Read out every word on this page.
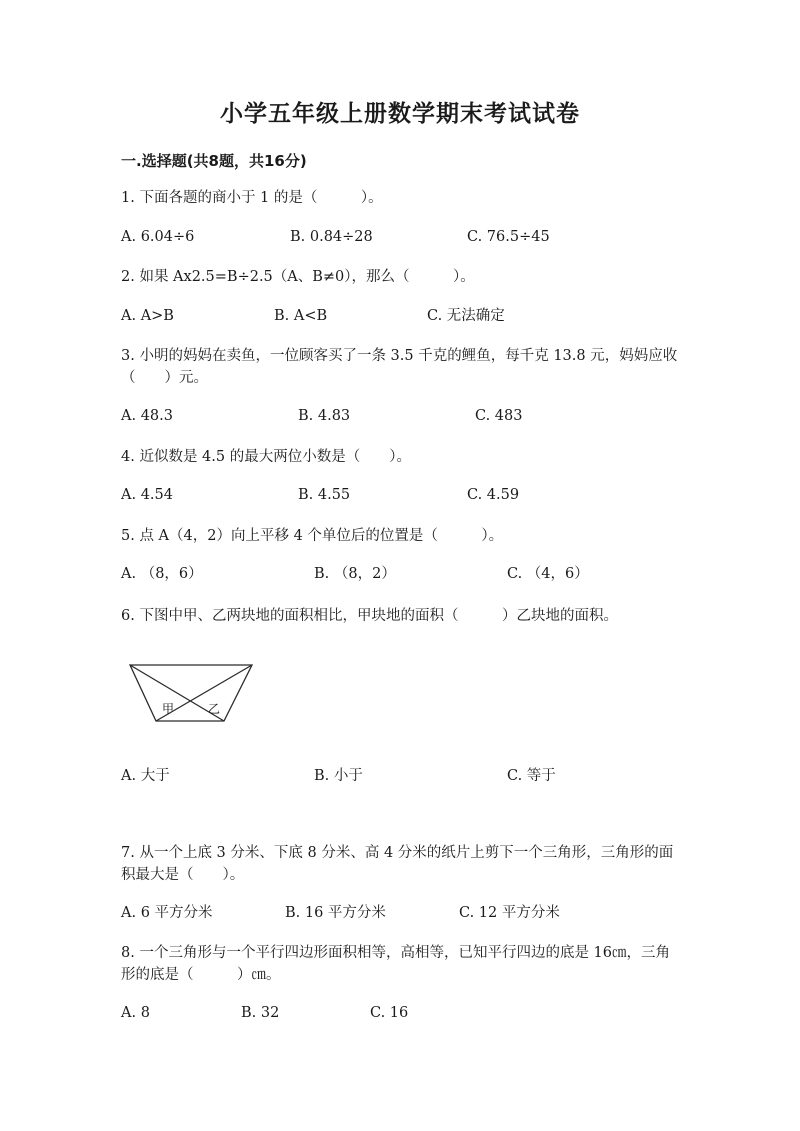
小学五年级上册数学期末考试试卷
一.选择题(共8题，共16分)
1. 下面各题的商小于 1 的是（　　　）。
A. 6.04÷6	B. 0.84÷28	C. 76.5÷45
2. 如果 Ax2.5=B÷2.5（A、B≠0），那么（　　　）。
A. A>B	B. A<B	C. 无法确定
3. 小明的妈妈在卖鱼，一位顾客买了一条 3.5 千克的鲤鱼，每千克 13.8 元，妈妈应收（　　）元。
A. 48.3	B. 4.83	C. 483
4. 近似数是 4.5 的最大两位小数是（　　）。
A. 4.54	B. 4.55	C. 4.59
5. 点 A（4，2）向上平移 4 个单位后的位置是（　　　）。
A. （8，6）	B. （8，2）	C. （4，6）
6. 下图中甲、乙两块地的面积相比，甲块地的面积（　　　）乙块地的面积。
甲	乙
A. 大于	B. 小于	C. 等于
7. 从一个上底 3 分米、下底 8 分米、高 4 分米的纸片上剪下一个三角形，三角形的面积最大是（　　）。
A. 6 平方分米	B. 16 平方分米	C. 12 平方分米
8. 一个三角形与一个平行四边形面积相等，高相等，已知平行四边的底是 16㎝，三角形的底是（　　　）㎝。
A. 8	B. 32	C. 16
